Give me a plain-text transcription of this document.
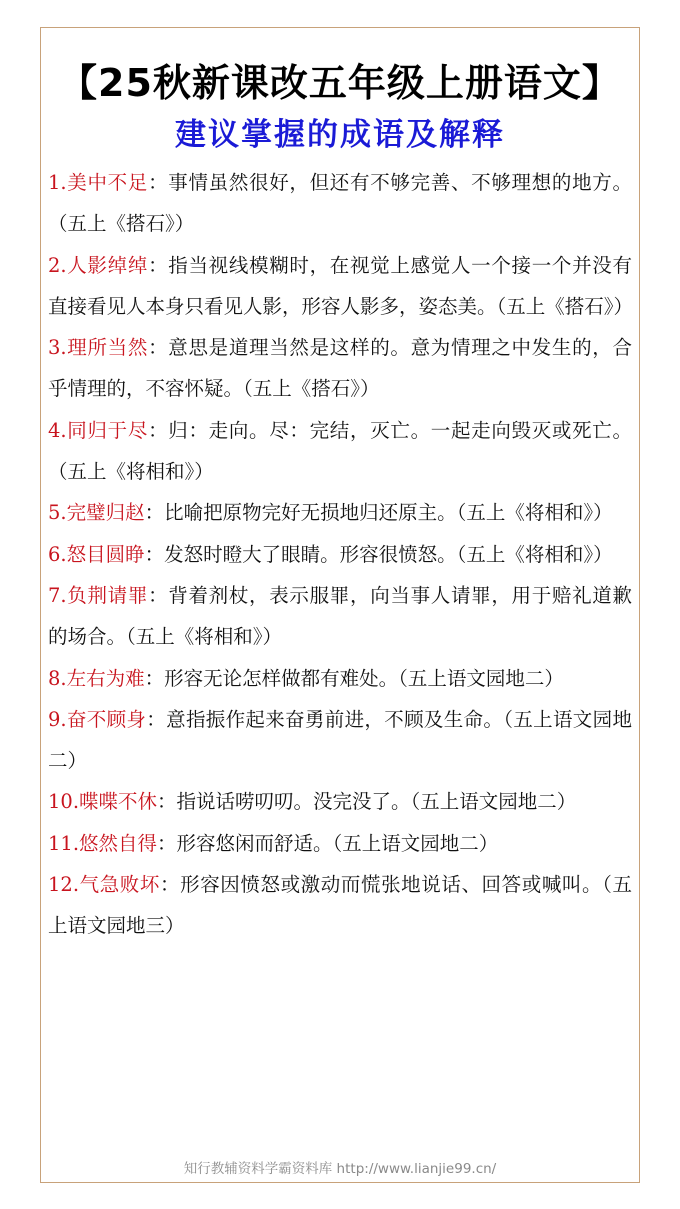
【25秋新课改五年级上册语文】
建议掌握的成语及解释

1.美中不足：事情虽然很好，但还有不够完善、不够理想的地方。（五上《搭石》）

2.人影绰绰：指当视线模糊时，在视觉上感觉人一个接一个并没有直接看见人本身只看见人影，形容人影多，姿态美。（五上《搭石》）

3.理所当然：意思是道理当然是这样的。意为情理之中发生的，合乎情理的，不容怀疑。（五上《搭石》）

4.同归于尽：归：走向。尽：完结，灭亡。一起走向毁灭或死亡。（五上《将相和》）

5.完璧归赵：比喻把原物完好无损地归还原主。（五上《将相和》）

6.怒目圆睁：发怒时瞪大了眼睛。形容很愤怒。（五上《将相和》）

7.负荆请罪：背着剂杖，表示服罪，向当事人请罪，用于赔礼道歉的场合。（五上《将相和》）

8.左右为难：形容无论怎样做都有难处。（五上语文园地二）

9.奋不顾身：意指振作起来奋勇前进，不顾及生命。（五上语文园地二）

10.喋喋不休：指说话唠叨叨。没完没了。（五上语文园地二）

11.悠然自得：形容悠闲而舒适。（五上语文园地二）

12.气急败坏：形容因愤怒或激动而慌张地说话、回答或喊叫。（五上语文园地三）

知行教辅资料学霸资料库 http://www.lianjie99.cn/
